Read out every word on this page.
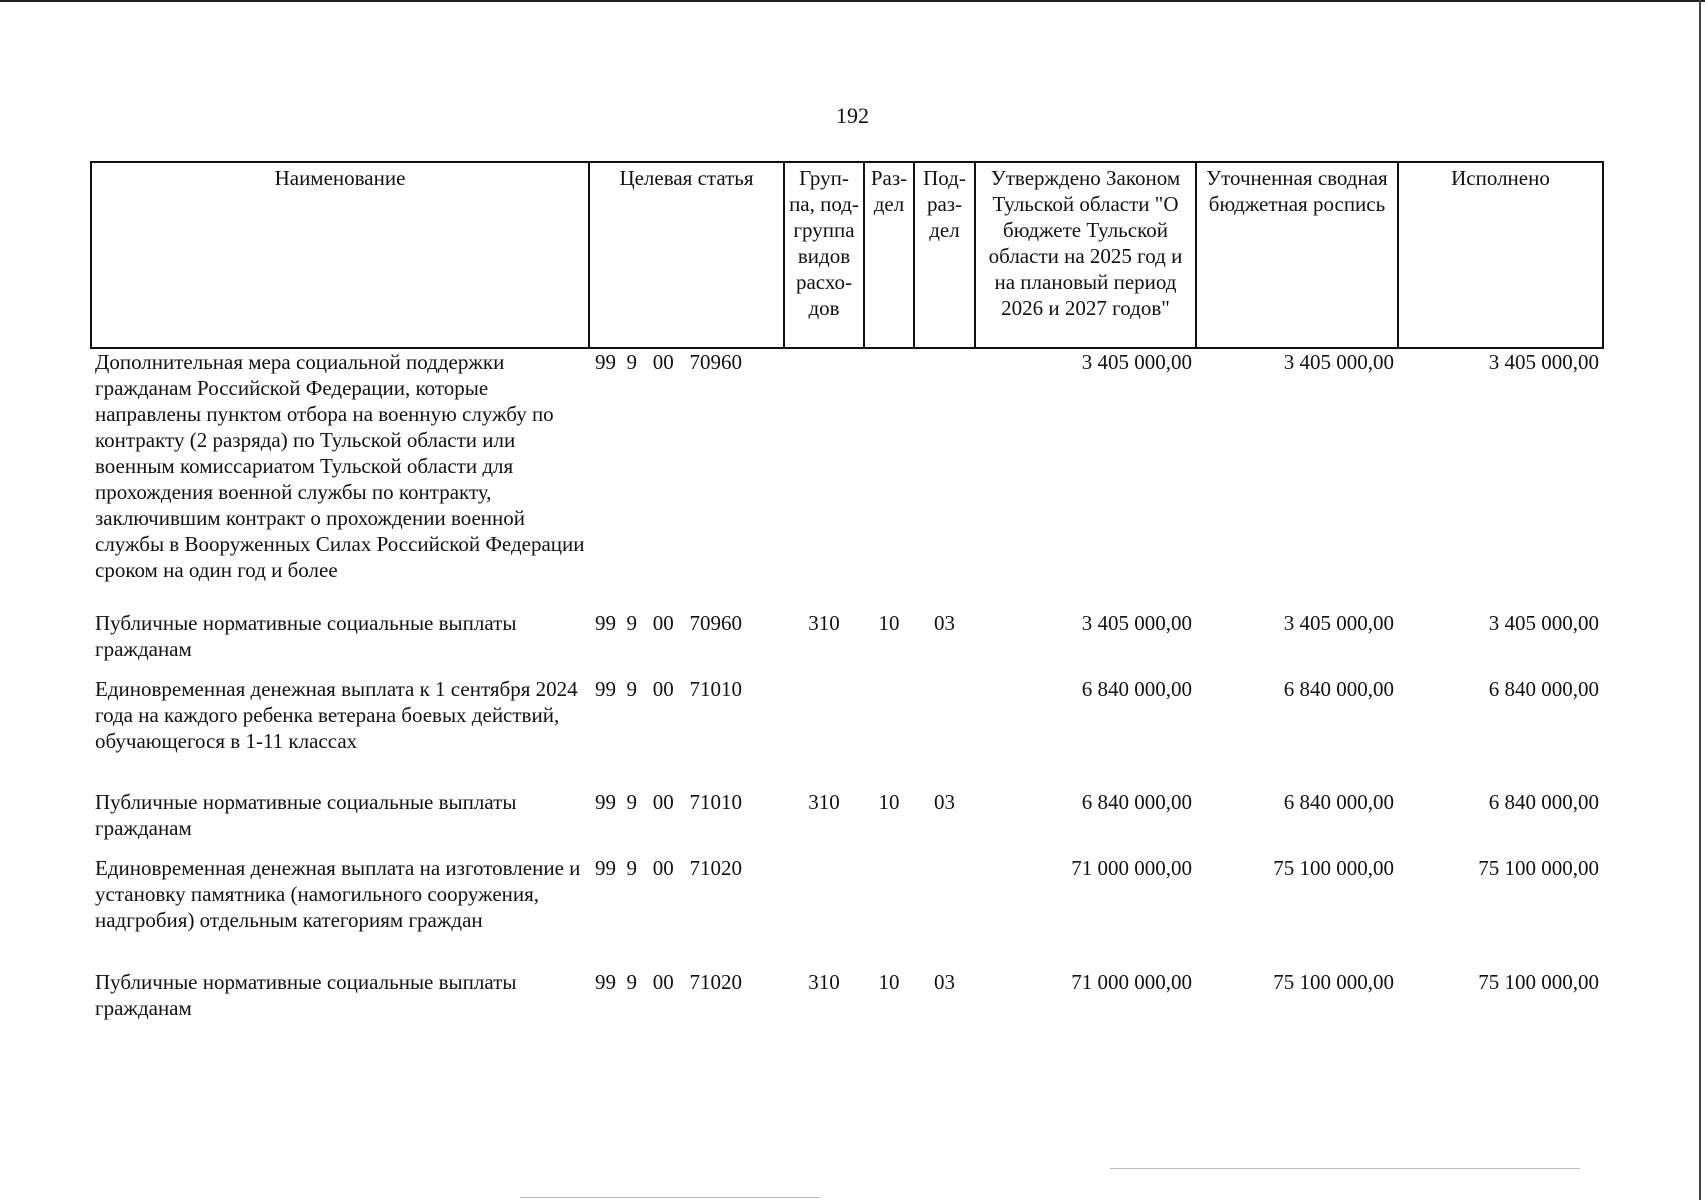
192
Наименование	Целевая статья	Груп-па, под-группа видов расхо-дов	Раз-дел	Под-раз-дел	Утверждено Законом Тульской области "О бюджете Тульской области на 2025 год и на плановый период 2026 и 2027 годов"	Уточненная сводная бюджетная роспись	Исполнено
Дополнительная мера социальной поддержки гражданам Российской Федерации, которые направлены пунктом отбора на военную службу по контракту (2 разряда) по Тульской области или военным комиссариатом Тульской области для прохождения военной службы по контракту, заключившим контракт о прохождении военной службы в Вооруженных Силах Российской Федерации сроком на один год и более	99  9   00   70960				3 405 000,00	3 405 000,00	3 405 000,00
Публичные нормативные социальные выплаты гражданам	99  9   00   70960	310	10	03	3 405 000,00	3 405 000,00	3 405 000,00
Единовременная денежная выплата к 1 сентября 2024 года на каждого ребенка ветерана боевых действий, обучающегося в 1-11 классах	99  9   00   71010				6 840 000,00	6 840 000,00	6 840 000,00
Публичные нормативные социальные выплаты гражданам	99  9   00   71010	310	10	03	6 840 000,00	6 840 000,00	6 840 000,00
Единовременная денежная выплата на изготовление и установку памятника (намогильного сооружения, надгробия) отдельным категориям граждан	99  9   00   71020				71 000 000,00	75 100 000,00	75 100 000,00
Публичные нормативные социальные выплаты гражданам	99  9   00   71020	310	10	03	71 000 000,00	75 100 000,00	75 100 000,00
